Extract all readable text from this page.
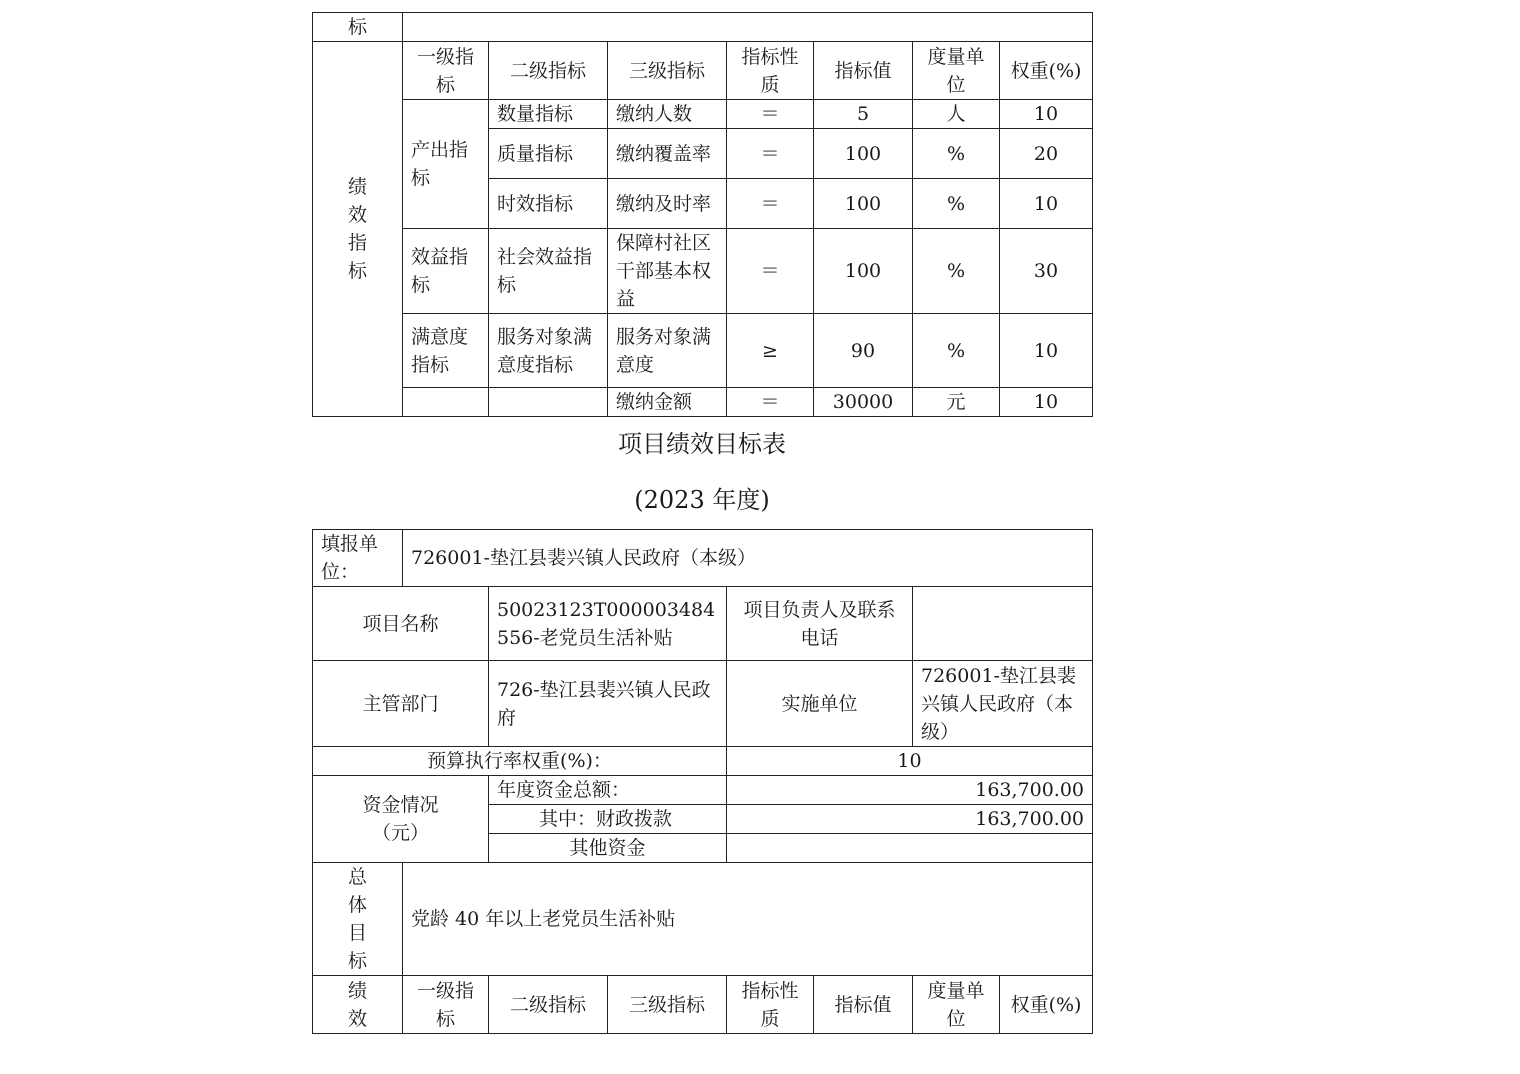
标							

绩
效
指
标	一级指标	二级指标	三级指标	指标性质	指标值	度量单位	权重(%)
	产出指标	数量指标	缴纳人数	＝	5	人	10
		质量指标	缴纳覆盖率	＝	100	%	20
		时效指标	缴纳及时率	＝	100	%	10
	效益指标	社会效益指标	保障村社区干部基本权益	＝	100	%	30
	满意度指标	服务对象满意度指标	服务对象满意度	≥	90	%	10
			缴纳金额	＝	30000	元	10
项目绩效目标表
(2023 年度)
填报单位：	726001-垫江县裴兴镇人民政府（本级）						
项目名称		50023123T000003484556-老党员生活补贴		项目负责人及联系电话			
主管部门		726-垫江县裴兴镇人民政府		实施单位		726001-垫江县裴兴镇人民政府（本级）	
预算执行率权重(%)：				10			
资金情况（元）		年度资金总额：		163,700.00			
		其中：财政拨款		163,700.00			
		其他资金					

总
体
目
标	党龄 40 年以上老党员生活补贴						

绩
效	一级指标	二级指标	三级指标	指标性质	指标值	度量单位	权重(%)
